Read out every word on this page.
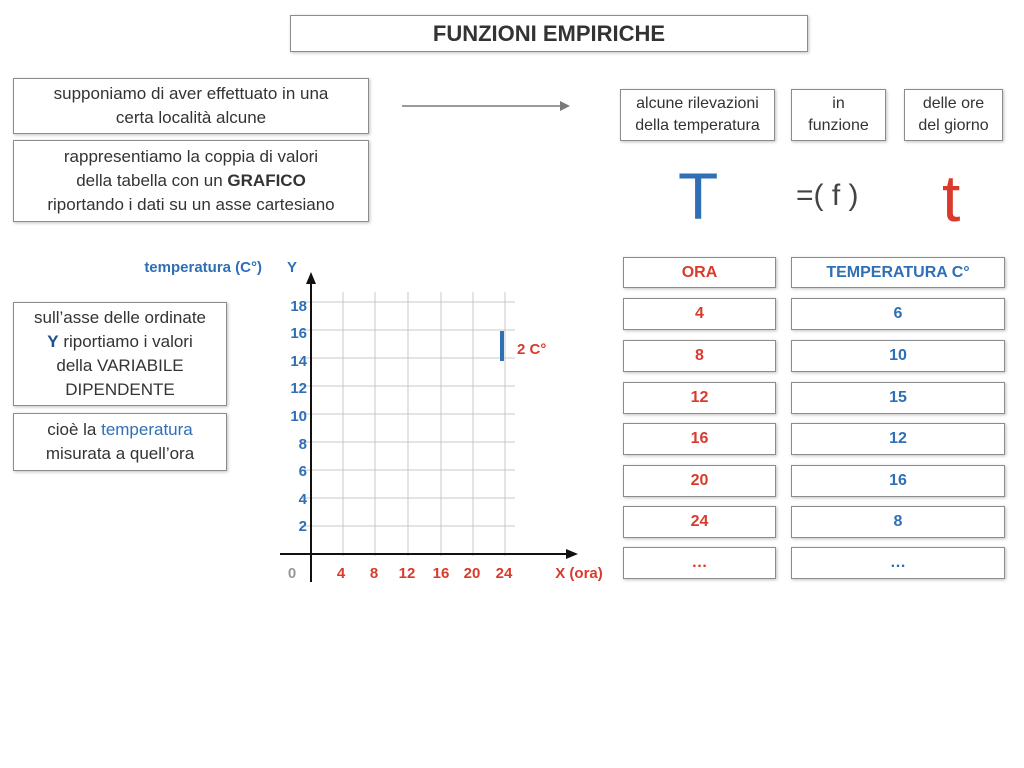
FUNZIONI EMPIRICHE
supponiamo di aver effettuato in una
certa località alcune
rappresentiamo la coppia di valori
della tabella con un GRAFICO
riportando i dati su un asse cartesiano
alcune rilevazioni
della temperatura
in
funzione
delle ore
del giorno
T	=( f ) t
sull’asse delle ordinate
Y riportiamo i valori
della VARIABILE
DIPENDENTE
cioè la temperatura
misurata a quell’ora
temperatura (C°) Y
X (ora)
0
2
4
6
8
10
12
14
16
18
4 8 12 16 20 24
2 C°
ORA	TEMPERATURA C°
4	6
8	10
12	15
16	12
20	16
24	8
…	…
